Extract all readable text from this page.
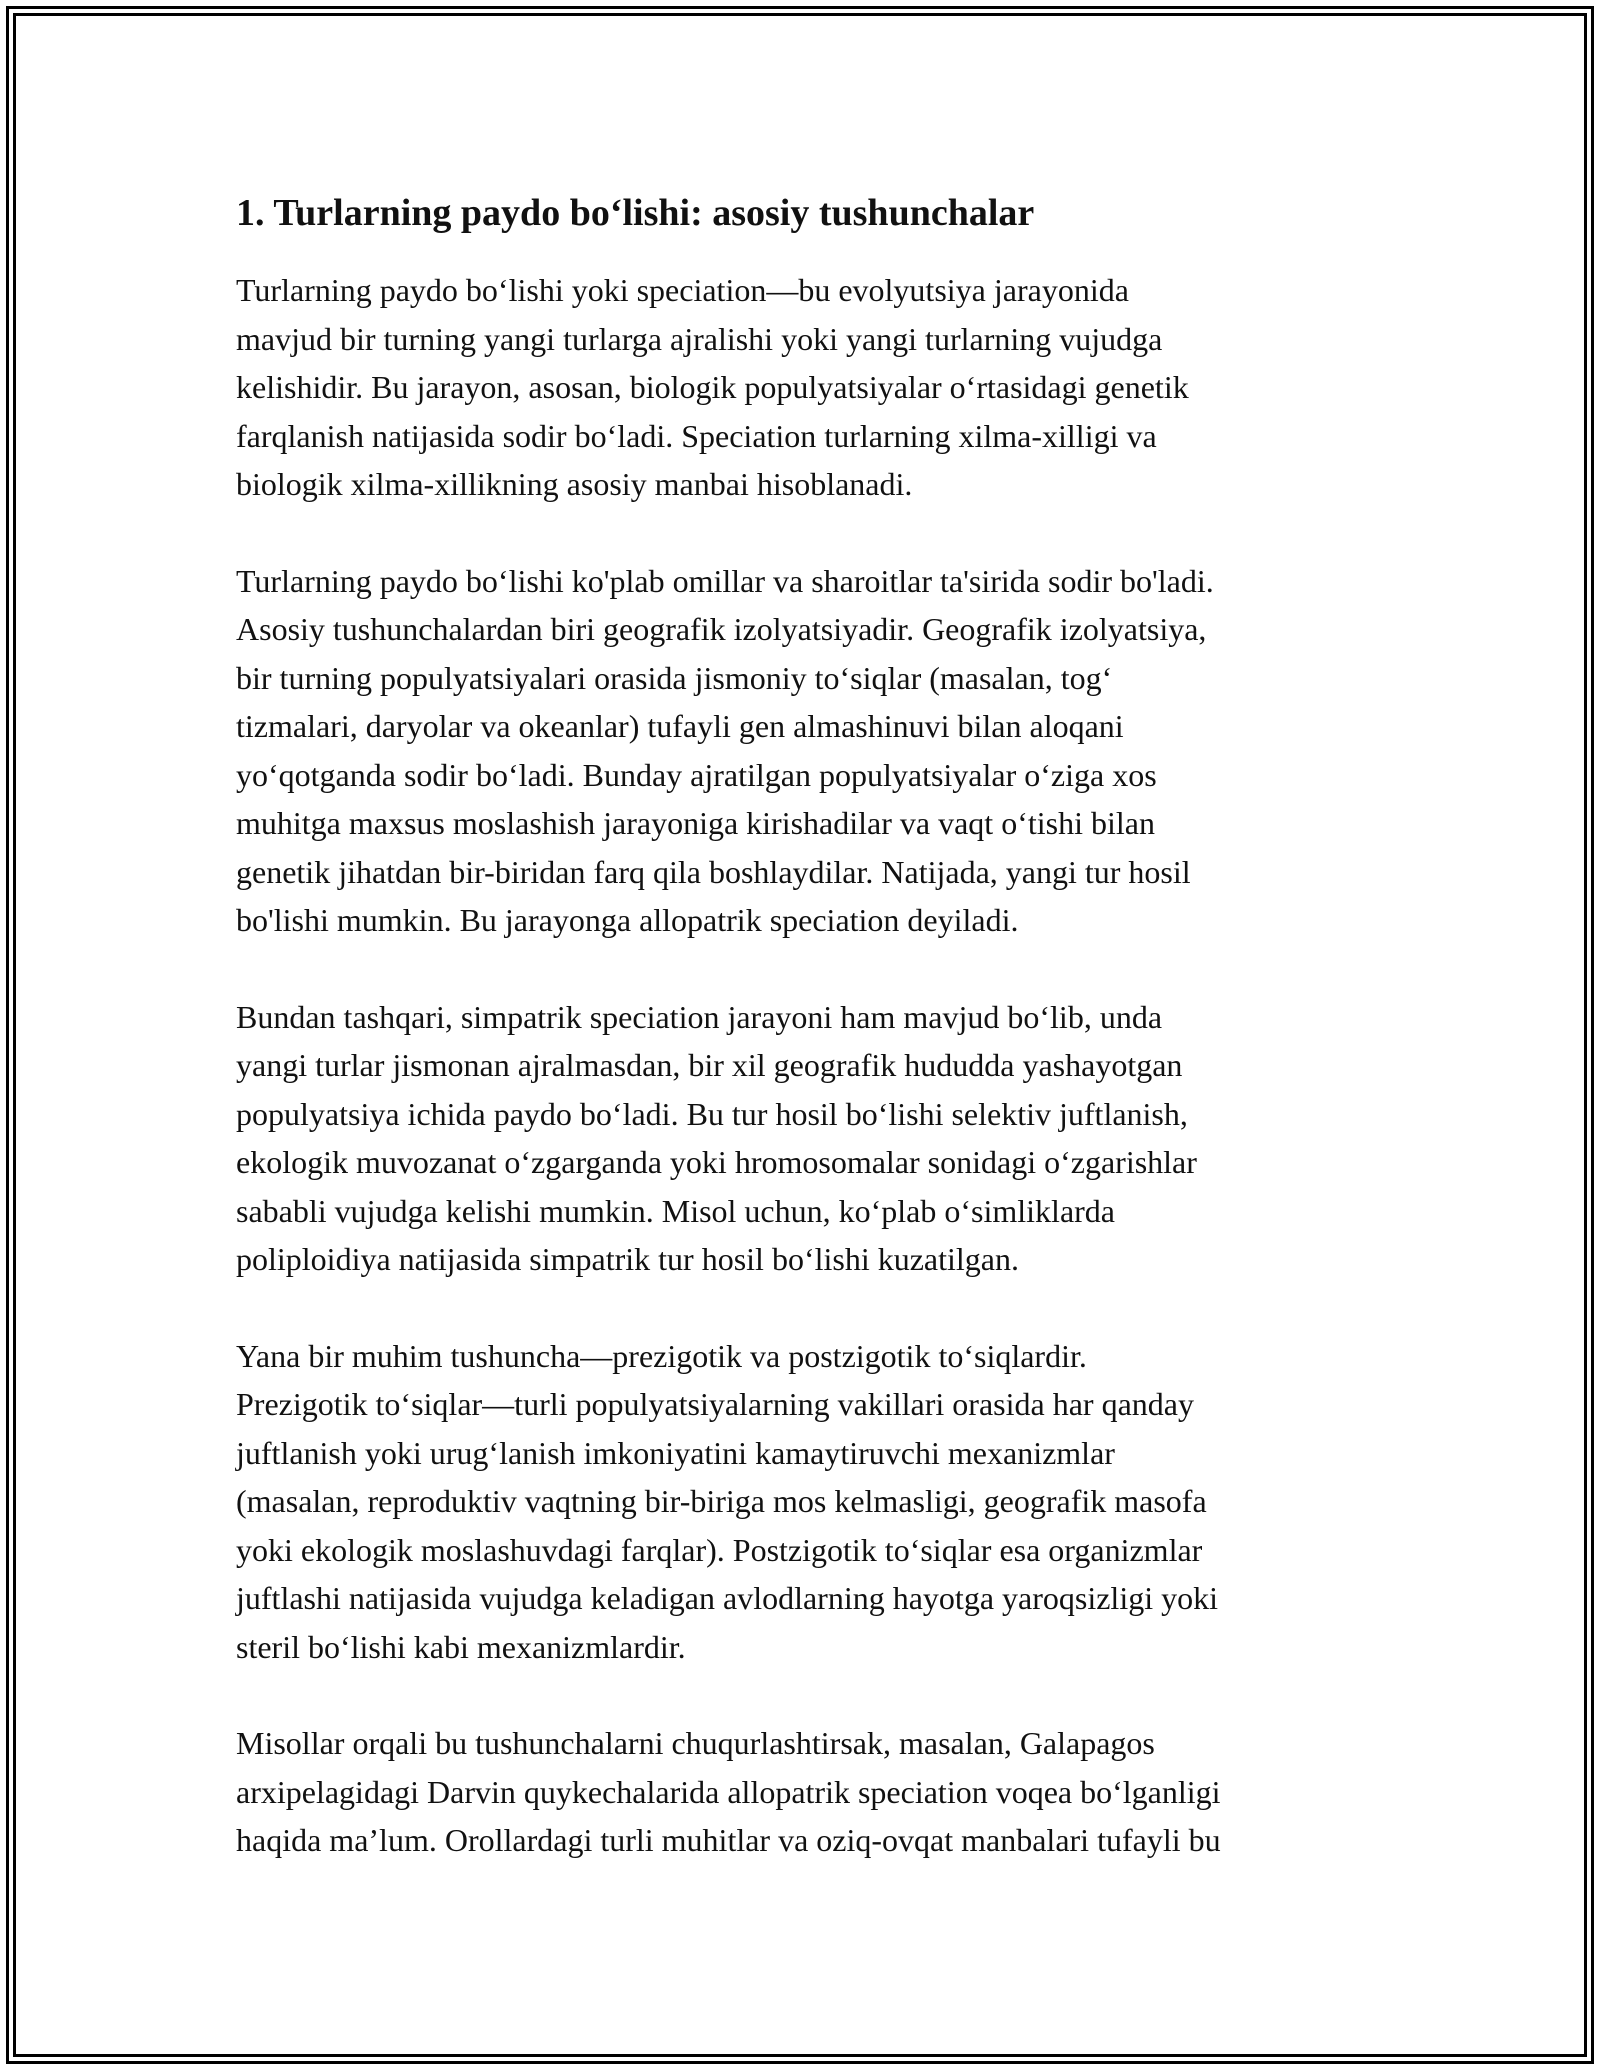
1. Turlarning paydo bo‘lishi: asosiy tushunchalar

Turlarning paydo bo‘lishi yoki speciation—bu evolyutsiya jarayonida
mavjud bir turning yangi turlarga ajralishi yoki yangi turlarning vujudga
kelishidir. Bu jarayon, asosan, biologik populyatsiyalar o‘rtasidagi genetik
farqlanish natijasida sodir bo‘ladi. Speciation turlarning xilma-xilligi va
biologik xilma-xillikning asosiy manbai hisoblanadi.

Turlarning paydo bo‘lishi ko'plab omillar va sharoitlar ta'sirida sodir bo'ladi.
Asosiy tushunchalardan biri geografik izolyatsiyadir. Geografik izolyatsiya,
bir turning populyatsiyalari orasida jismoniy to‘siqlar (masalan, tog‘
tizmalari, daryolar va okeanlar) tufayli gen almashinuvi bilan aloqani
yo‘qotganda sodir bo‘ladi. Bunday ajratilgan populyatsiyalar o‘ziga xos
muhitga maxsus moslashish jarayoniga kirishadilar va vaqt o‘tishi bilan
genetik jihatdan bir-biridan farq qila boshlaydilar. Natijada, yangi tur hosil
bo'lishi mumkin. Bu jarayonga allopatrik speciation deyiladi.

Bundan tashqari, simpatrik speciation jarayoni ham mavjud bo‘lib, unda
yangi turlar jismonan ajralmasdan, bir xil geografik hududda yashayotgan
populyatsiya ichida paydo bo‘ladi. Bu tur hosil bo‘lishi selektiv juftlanish,
ekologik muvozanat o‘zgarganda yoki hromosomalar sonidagi o‘zgarishlar
sababli vujudga kelishi mumkin. Misol uchun, ko‘plab o‘simliklarda
poliploidiya natijasida simpatrik tur hosil bo‘lishi kuzatilgan.

Yana bir muhim tushuncha—prezigotik va postzigotik to‘siqlardir.
Prezigotik to‘siqlar—turli populyatsiyalarning vakillari orasida har qanday
juftlanish yoki urug‘lanish imkoniyatini kamaytiruvchi mexanizmlar
(masalan, reproduktiv vaqtning bir-biriga mos kelmasligi, geografik masofa
yoki ekologik moslashuvdagi farqlar). Postzigotik to‘siqlar esa organizmlar
juftlashi natijasida vujudga keladigan avlodlarning hayotga yaroqsizligi yoki
steril bo‘lishi kabi mexanizmlardir.

Misollar orqali bu tushunchalarni chuqurlashtirsak, masalan, Galapagos
arxipelagidagi Darvin quykechalarida allopatrik speciation voqea bo‘lganligi
haqida ma’lum. Orollardagi turli muhitlar va oziq-ovqat manbalari tufayli bu
